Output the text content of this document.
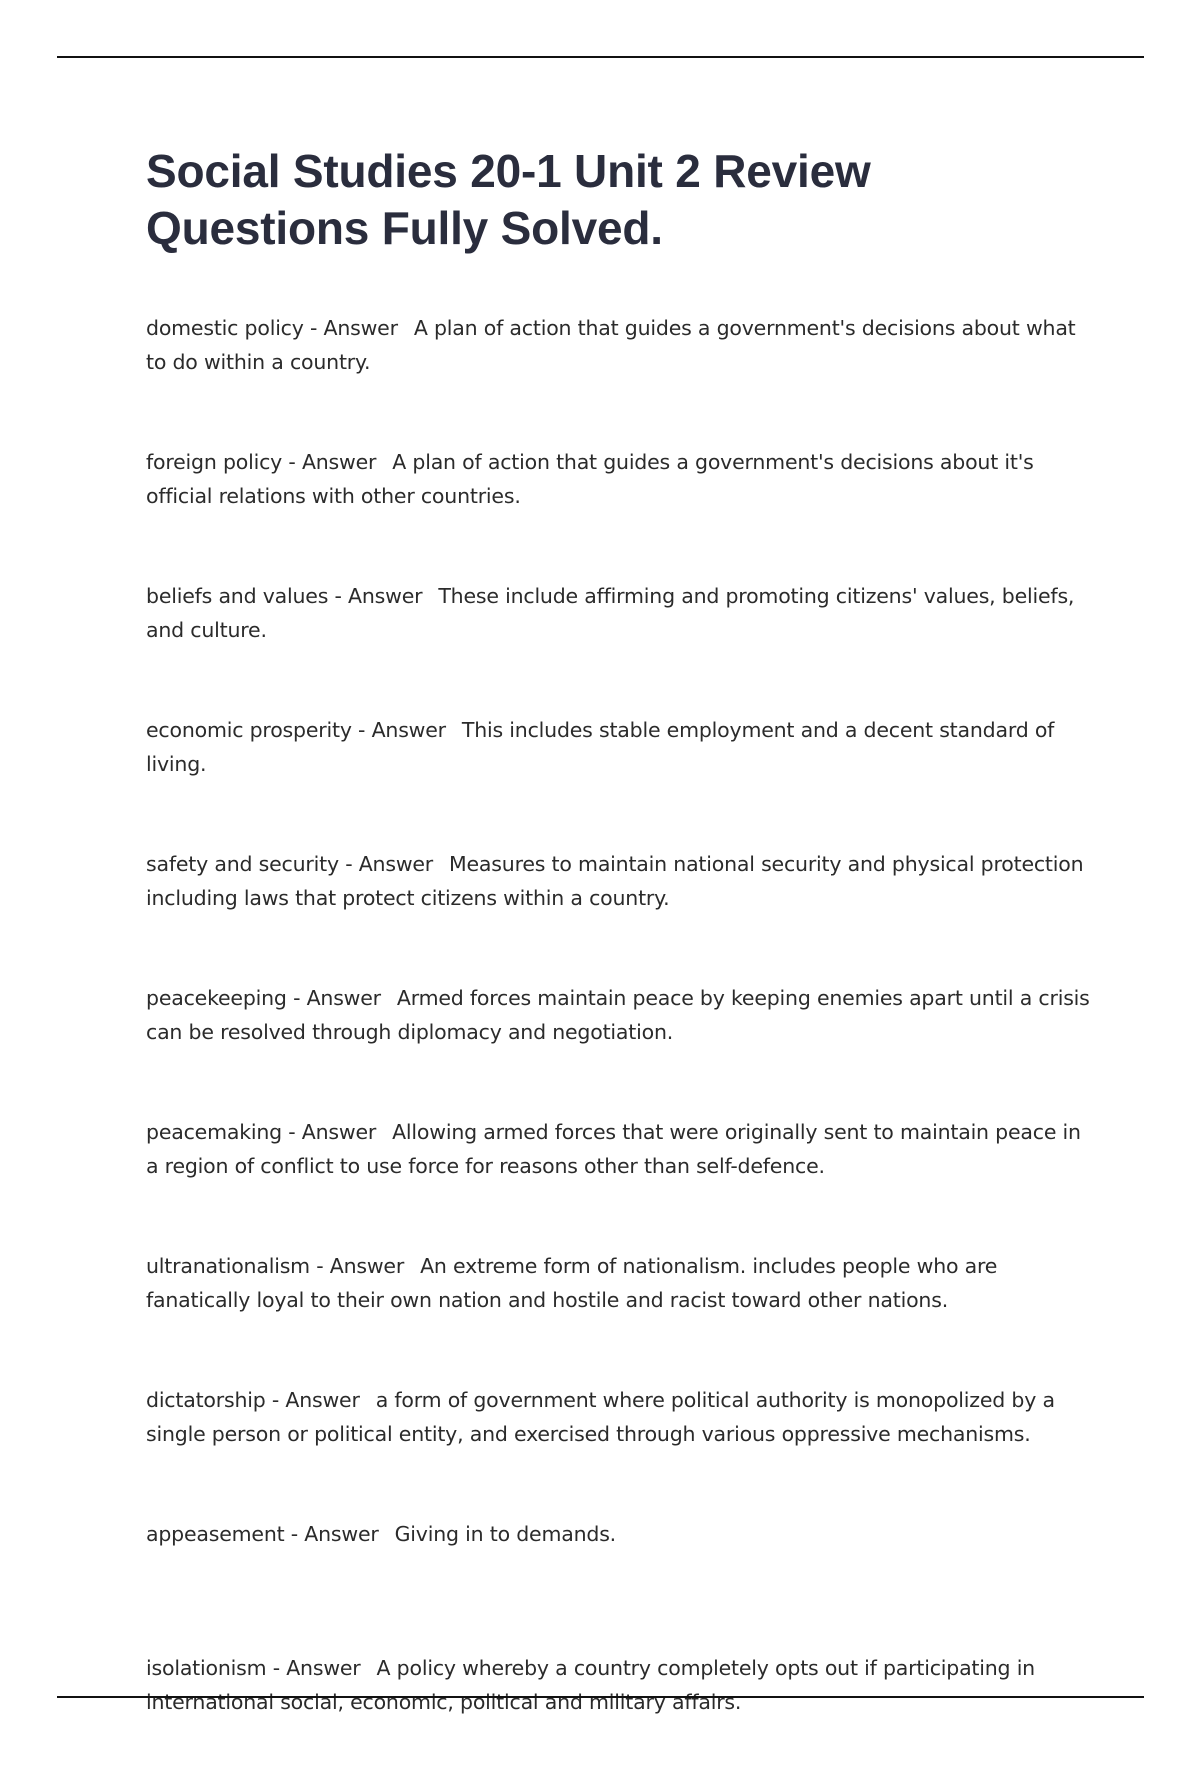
Social Studies 20-1 Unit 2 Review Questions Fully Solved.

domestic policy - Answer A plan of action that guides a government's decisions about what to do within a country.

foreign policy - Answer A plan of action that guides a government's decisions about it's official relations with other countries.

beliefs and values - Answer These include affirming and promoting citizens' values, beliefs, and culture.

economic prosperity - Answer This includes stable employment and a decent standard of living.

safety and security - Answer Measures to maintain national security and physical protection including laws that protect citizens within a country.

peacekeeping - Answer Armed forces maintain peace by keeping enemies apart until a crisis can be resolved through diplomacy and negotiation.

peacemaking - Answer Allowing armed forces that were originally sent to maintain peace in a region of conflict to use force for reasons other than self-defence.

ultranationalism - Answer An extreme form of nationalism. includes people who are fanatically loyal to their own nation and hostile and racist toward other nations.

dictatorship - Answer a form of government where political authority is monopolized by a single person or political entity, and exercised through various oppressive mechanisms.

appeasement - Answer Giving in to demands.

isolationism - Answer A policy whereby a country completely opts out if participating in international social, economic, political and military affairs.
